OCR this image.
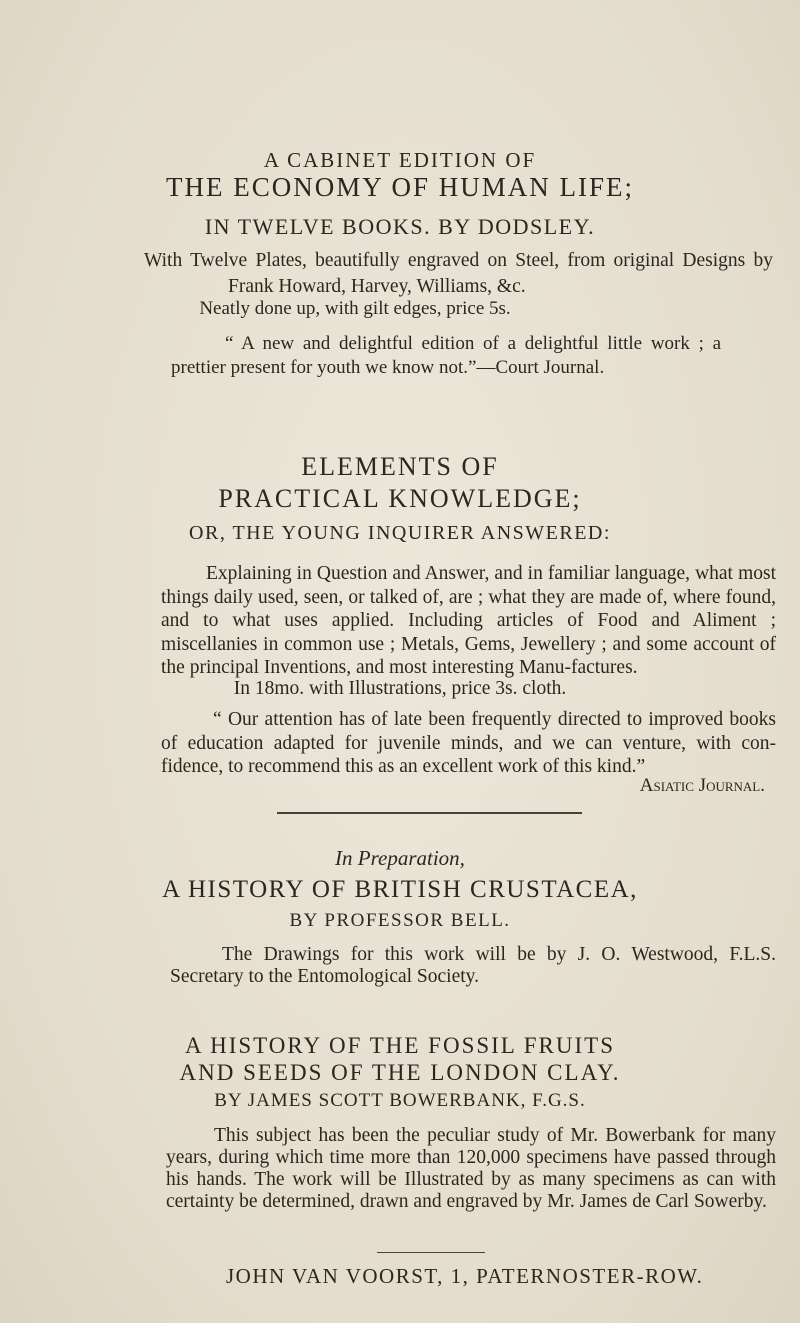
A CABINET EDITION OF

THE ECONOMY OF HUMAN LIFE;

IN TWELVE BOOKS. BY DODSLEY.

With Twelve Plates, beautifully engraved on Steel, from original Designs by Frank Howard, Harvey, Williams, &c.

Neatly done up, with gilt edges, price 5s.

“ A new and delightful edition of a delightful little work ; a prettier present for youth we know not.”—Court Journal.

ELEMENTS OF

PRACTICAL KNOWLEDGE;

OR, THE YOUNG INQUIRER ANSWERED:

Explaining in Question and Answer, and in familiar language, what most things daily used, seen, or talked of, are ; what they are made of, where found, and to what uses applied. Including articles of Food and Aliment ; miscellanies in common use ; Metals, Gems, Jewellery ; and some account of the principal Inventions, and most interesting Manu-factures.

In 18mo. with Illustrations, price 3s. cloth.

“ Our attention has of late been frequently directed to improved books of education adapted for juvenile minds, and we can venture, with con-fidence, to recommend this as an excellent work of this kind.”

Asiatic Journal.

In Preparation,

A HISTORY OF BRITISH CRUSTACEA,

BY PROFESSOR BELL.

The Drawings for this work will be by J. O. Westwood, F.L.S. Secretary to the Entomological Society.

A HISTORY OF THE FOSSIL FRUITS
AND SEEDS OF THE LONDON CLAY.

BY JAMES SCOTT BOWERBANK, F.G.S.

This subject has been the peculiar study of Mr. Bowerbank for many years, during which time more than 120,000 specimens have passed through his hands. The work will be Illustrated by as many specimens as can with certainty be determined, drawn and engraved by Mr. James de Carl Sowerby.

JOHN VAN VOORST, 1, PATERNOSTER-ROW.
